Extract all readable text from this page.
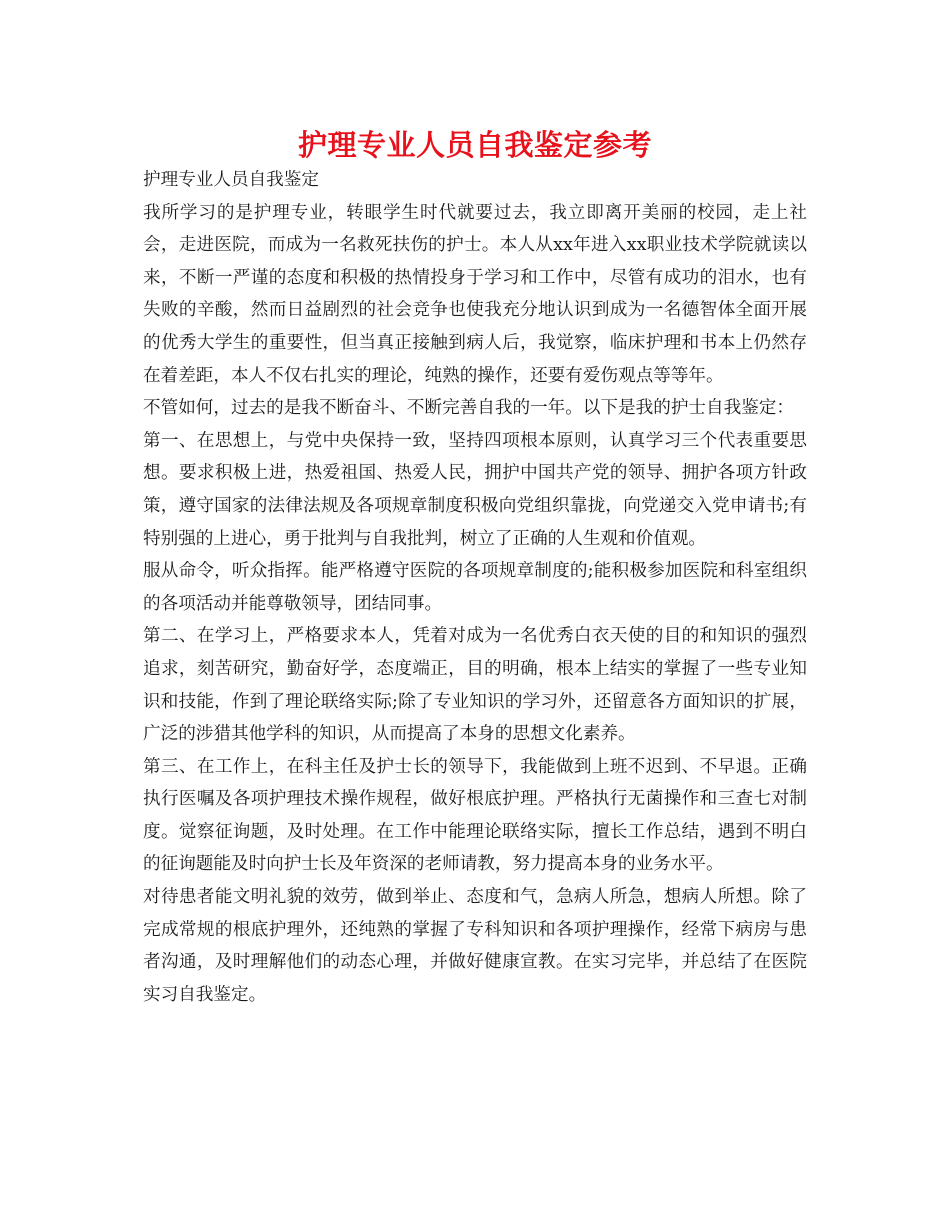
护理专业人员自我鉴定参考

护理专业人员自我鉴定

我所学习的是护理专业，转眼学生时代就要过去，我立即离开美丽的校园，走上社会，走进医院，而成为一名救死扶伤的护士。本人从xx年进入xx职业技术学院就读以来，不断一严谨的态度和积极的热情投身于学习和工作中，尽管有成功的泪水，也有失败的辛酸，然而日益剧烈的社会竞争也使我充分地认识到成为一名德智体全面开展的优秀大学生的重要性，但当真正接触到病人后，我觉察，临床护理和书本上仍然存在着差距，本人不仅右扎实的理论，纯熟的操作，还要有爱伤观点等等年。

不管如何，过去的是我不断奋斗、不断完善自我的一年。以下是我的护士自我鉴定：

第一、在思想上，与党中央保持一致，坚持四项根本原则，认真学习三个代表重要思想。要求积极上进，热爱祖国、热爱人民，拥护中国共产党的领导、拥护各项方针政策，遵守国家的法律法规及各项规章制度积极向党组织靠拢，向党递交入党申请书;有特别强的上进心，勇于批判与自我批判，树立了正确的人生观和价值观。

服从命令，听众指挥。能严格遵守医院的各项规章制度的;能积极参加医院和科室组织的各项活动并能尊敬领导，团结同事。

第二、在学习上，严格要求本人，凭着对成为一名优秀白衣天使的目的和知识的强烈追求，刻苦研究，勤奋好学，态度端正，目的明确，根本上结实的掌握了一些专业知识和技能，作到了理论联络实际;除了专业知识的学习外，还留意各方面知识的扩展，广泛的涉猎其他学科的知识，从而提高了本身的思想文化素养。

第三、在工作上，在科主任及护士长的领导下，我能做到上班不迟到、不早退。正确执行医嘱及各项护理技术操作规程，做好根底护理。严格执行无菌操作和三查七对制度。觉察征询题，及时处理。在工作中能理论联络实际，擅长工作总结，遇到不明白的征询题能及时向护士长及年资深的老师请教，努力提高本身的业务水平。

对待患者能文明礼貌的效劳，做到举止、态度和气，急病人所急，想病人所想。除了完成常规的根底护理外，还纯熟的掌握了专科知识和各项护理操作，经常下病房与患者沟通，及时理解他们的动态心理，并做好健康宣教。在实习完毕，并总结了在医院实习自我鉴定。
